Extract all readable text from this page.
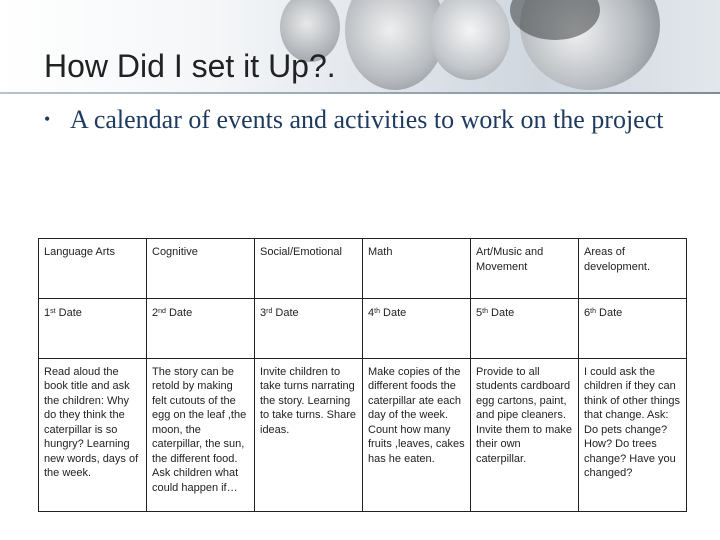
How Did I set it Up?.
• A calendar of events and activities to work on the project
Language Arts	Cognitive	Social/Emotional	Math	Art/Music and Movement	Areas of development.
1st Date	2nd Date	3rd Date	4th Date	5th Date	6th Date
Read aloud the book title and ask the children: Why do they think the caterpillar is so hungry? Learning new words, days of the week.	The story can be retold by making felt cutouts of the egg on the leaf ,the moon, the caterpillar, the sun, the different food. Ask children what could happen if…	Invite children to take turns narrating the story. Learning to take turns. Share ideas.	Make copies of the different foods the caterpillar ate each day of the week. Count how many fruits ,leaves, cakes has he eaten.	Provide to all students cardboard egg cartons, paint, and pipe cleaners. Invite them to make their own caterpillar.	I could ask the children if they can think of other things that change. Ask: Do pets change? How? Do trees change? Have you changed?
